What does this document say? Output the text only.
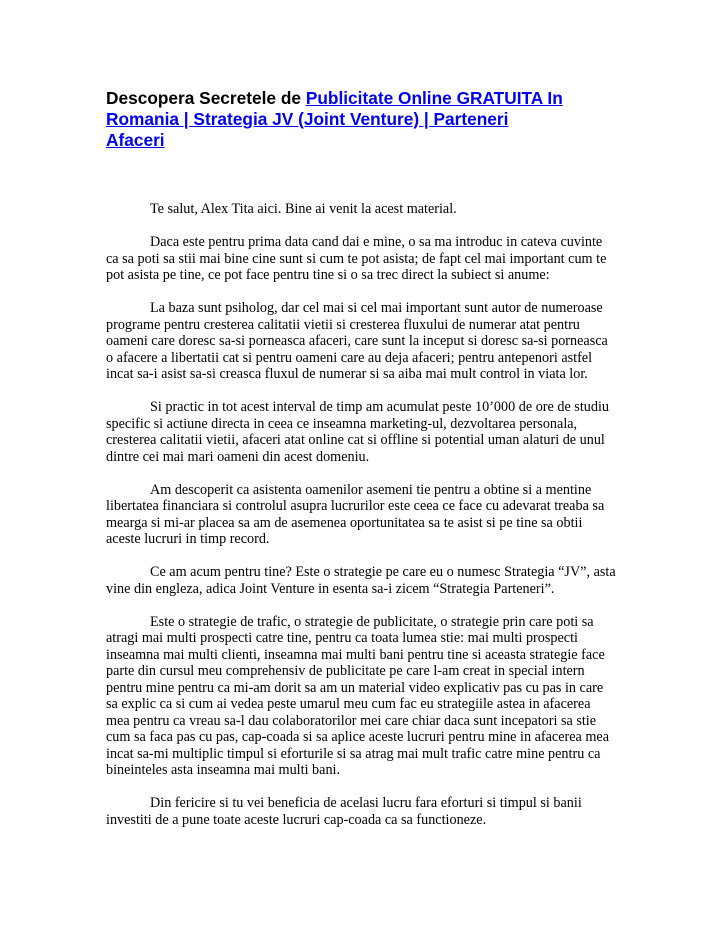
Descopera Secretele de Publicitate Online GRATUITA In
Romania | Strategia JV (Joint Venture) | Parteneri
Afaceri

Te salut, Alex Tita aici. Bine ai venit la acest material.

Daca este pentru prima data cand dai e mine, o sa ma introduc in cateva cuvinte
ca sa poti sa stii mai bine cine sunt si cum te pot asista; de fapt cel mai important cum te
pot asista pe tine, ce pot face pentru tine si o sa trec direct la subiect si anume:

La baza sunt psiholog, dar cel mai si cel mai important sunt autor de numeroase
programe pentru cresterea calitatii vietii si cresterea fluxului de numerar atat pentru
oameni care doresc sa-si porneasca afaceri, care sunt la inceput si doresc sa-si porneasca
o afacere a libertatii cat si pentru oameni care au deja afaceri; pentru antepenori astfel
incat sa-i asist sa-si creasca fluxul de numerar si sa aiba mai mult control in viata lor.

Si practic in tot acest interval de timp am acumulat peste 10’000 de ore de studiu
specific si actiune directa in ceea ce inseamna marketing-ul, dezvoltarea personala,
cresterea calitatii vietii, afaceri atat online cat si offline si potential uman alaturi de unul
dintre cei mai mari oameni din acest domeniu.

Am descoperit ca asistenta oamenilor asemeni tie pentru a obtine si a mentine
libertatea financiara si controlul asupra lucrurilor este ceea ce face cu adevarat treaba sa
mearga si mi-ar placea sa am de asemenea oportunitatea sa te asist si pe tine sa obtii
aceste lucruri in timp record.

Ce am acum pentru tine? Este o strategie pe care eu o numesc Strategia “JV”, asta
vine din engleza, adica Joint Venture in esenta sa-i zicem “Strategia Parteneri”.

Este o strategie de trafic, o strategie de publicitate, o strategie prin care poti sa
atragi mai multi prospecti catre tine, pentru ca toata lumea stie: mai multi prospecti
inseamna mai multi clienti, inseamna mai multi bani pentru tine si aceasta strategie face
parte din cursul meu comprehensiv de publicitate pe care l-am creat in special intern
pentru mine pentru ca mi-am dorit sa am un material video explicativ pas cu pas in care
sa explic ca si cum ai vedea peste umarul meu cum fac eu strategiile astea in afacerea
mea pentru ca vreau sa-l dau colaboratorilor mei care chiar daca sunt incepatori sa stie
cum sa faca pas cu pas, cap-coada si sa aplice aceste lucruri pentru mine in afacerea mea
incat sa-mi multiplic timpul si eforturile si sa atrag mai mult trafic catre mine pentru ca
bineinteles asta inseamna mai multi bani.

Din fericire si tu vei beneficia de acelasi lucru fara eforturi si timpul si banii
investiti de a pune toate aceste lucruri cap-coada ca sa functioneze.
